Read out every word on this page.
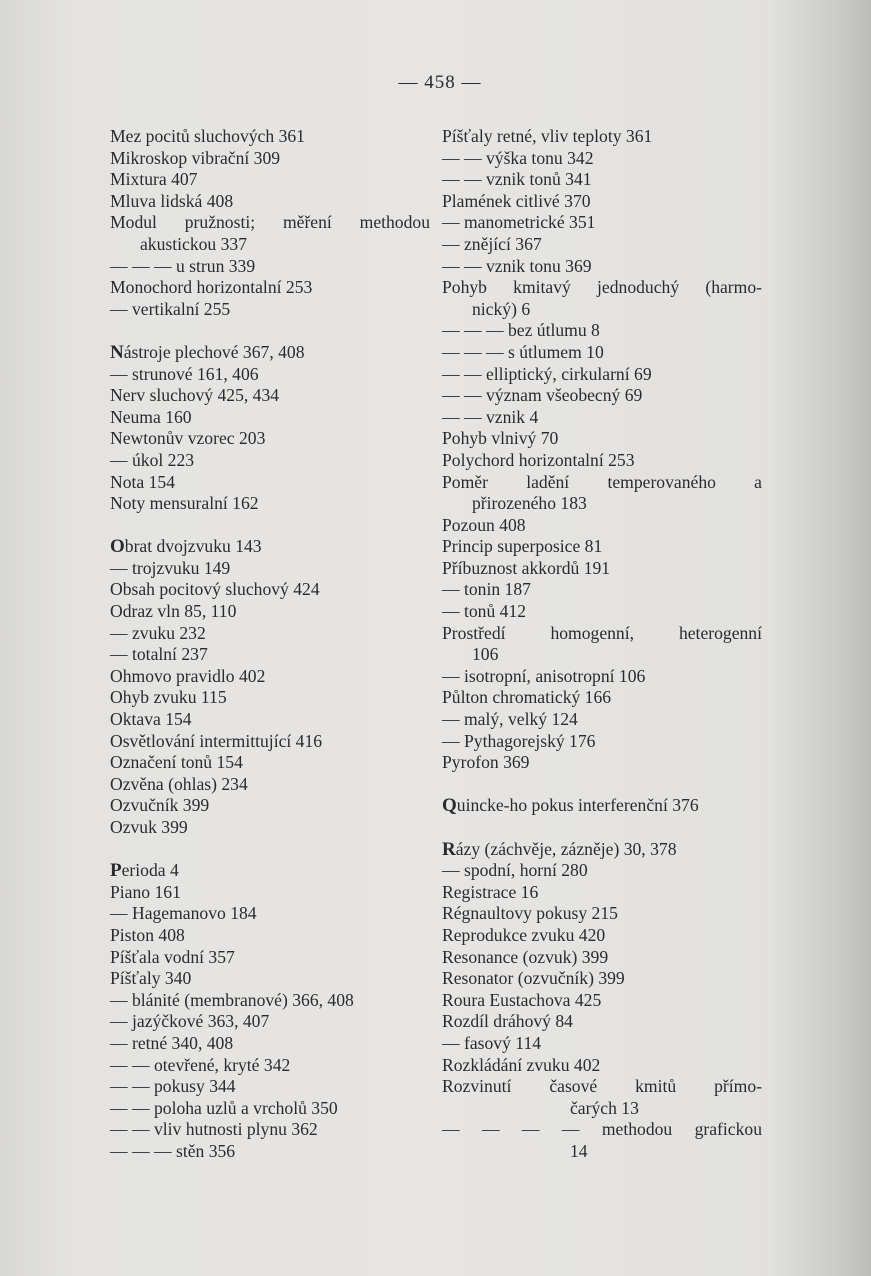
— 458 —
Mez pocitů sluchových 361
Mikroskop vibrační 309
Mixtura 407
Mluva lidská 408
Modul pružnosti; měření methodou
akustickou 337
— — — u strun 339
Monochord horizontalní 253
— vertikalní 255
Nástroje plechové 367, 408
— strunové 161, 406
Nerv sluchový 425, 434
Neuma 160
Newtonův vzorec 203
— úkol 223
Nota 154
Noty mensuralní 162
Obrat dvojzvuku 143
— trojzvuku 149
Obsah pocitový sluchový 424
Odraz vln 85, 110
— zvuku 232
— totalní 237
Ohmovo pravidlo 402
Ohyb zvuku 115
Oktava 154
Osvětlování intermittující 416
Označení tonů 154
Ozvěna (ohlas) 234
Ozvučník 399
Ozvuk 399
Perioda 4
Piano 161
— Hagemanovo 184
Piston 408
Píšťala vodní 357
Píšťaly 340
— blánité (membranové) 366, 408
— jazýčkové 363, 407
— retné 340, 408
— — otevřené, kryté 342
— — pokusy 344
— — poloha uzlů a vrcholů 350
— — vliv hutnosti plynu 362
— — — stěn 356
Píšťaly retné, vliv teploty 361
— — výška tonu 342
— — vznik tonů 341
Plamének citlivé 370
— manometrické 351
— znějící 367
— — vznik tonu 369
Pohyb kmitavý jednoduchý (harmo-
nický) 6
— — — bez útlumu 8
— — — s útlumem 10
— — elliptický, cirkularní 69
— — význam všeobecný 69
— — vznik 4
Pohyb vlnivý 70
Polychord horizontalní 253
Poměr ladění temperovaného a
přirozeného 183
Pozoun 408
Princip superposice 81
Příbuznost akkordů 191
— tonin 187
— tonů 412
Prostředí homogenní, heterogenní
106
— isotropní, anisotropní 106
Půlton chromatický 166
— malý, velký 124
— Pythagorejský 176
Pyrofon 369
Quincke-ho pokus interferenční 376
Rázy (záchvěje, zázněje) 30, 378
— spodní, horní 280
Registrace 16
Régnaultovy pokusy 215
Reprodukce zvuku 420
Resonance (ozvuk) 399
Resonator (ozvučník) 399
Roura Eustachova 425
Rozdíl dráhový 84
— fasový 114
Rozkládání zvuku 402
Rozvinutí časové kmitů přímo-
čarých 13
— — — — methodou grafickou
14
